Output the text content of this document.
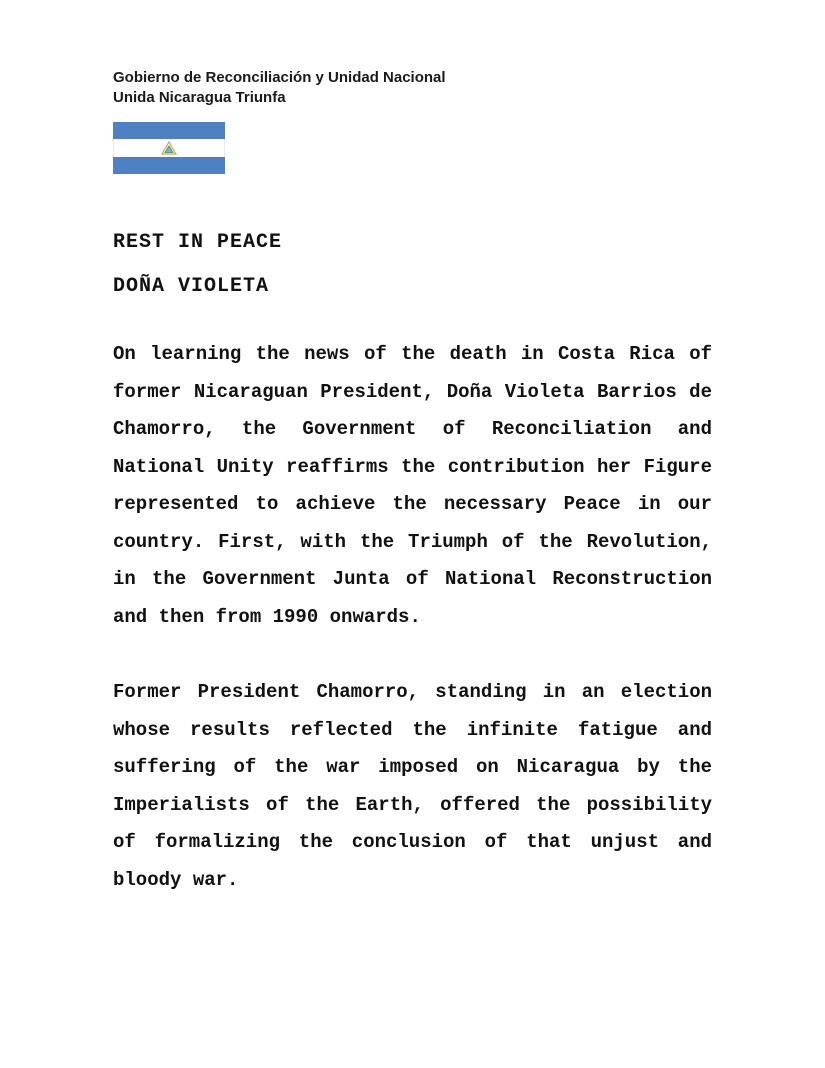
Gobierno de Reconciliación y Unidad Nacional
Unida Nicaragua Triunfa
REST IN PEACE
DOÑA VIOLETA

On learning the news of the death in Costa Rica of former Nicaraguan President, Doña Violeta Barrios de Chamorro, the Government of Reconciliation and National Unity reaffirms the contribution her Figure represented to achieve the necessary Peace in our country. First, with the Triumph of the Revolution, in the Government Junta of National Reconstruction and then from 1990 onwards.

Former President Chamorro, standing in an election whose results reflected the infinite fatigue and suffering of the war imposed on Nicaragua by the Imperialists of the Earth, offered the possibility of formalizing the conclusion of that unjust and bloody war.
